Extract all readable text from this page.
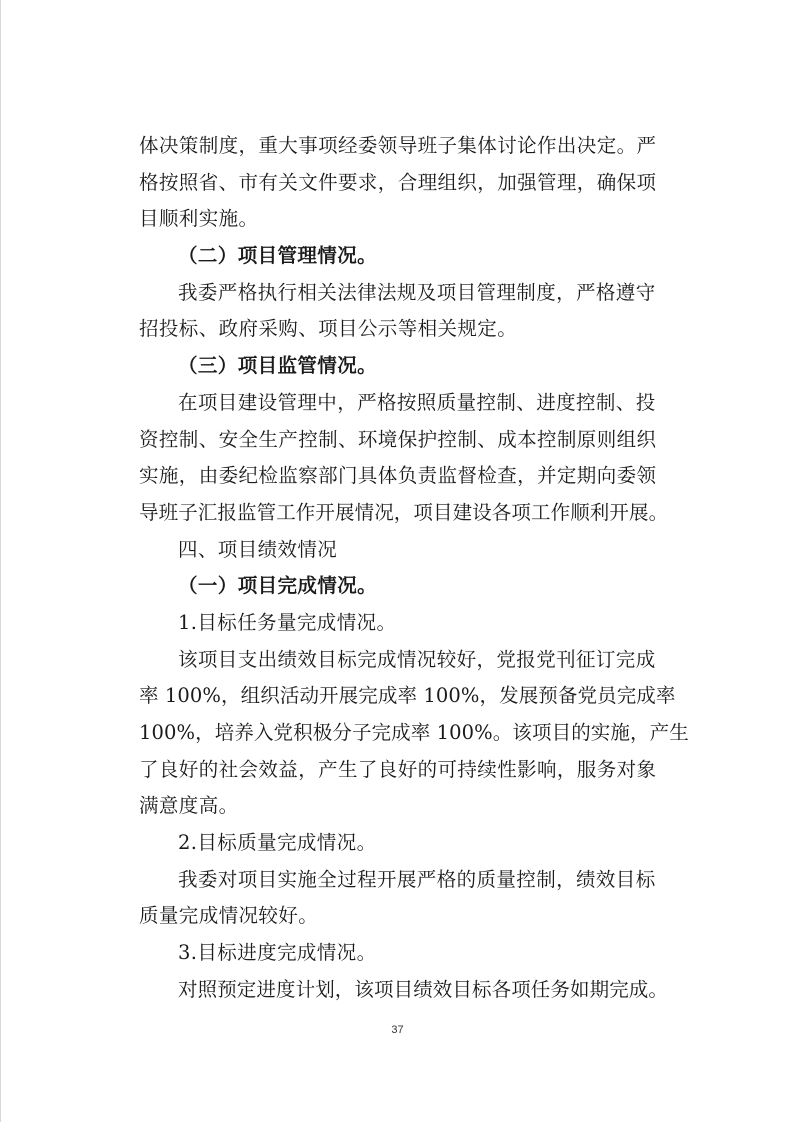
体决策制度，重大事项经委领导班子集体讨论作出决定。严
格按照省、市有关文件要求，合理组织，加强管理，确保项
目顺利实施。
（二）项目管理情况。
我委严格执行相关法律法规及项目管理制度，严格遵守
招投标、政府采购、项目公示等相关规定。
（三）项目监管情况。
在项目建设管理中，严格按照质量控制、进度控制、投
资控制、安全生产控制、环境保护控制、成本控制原则组织
实施，由委纪检监察部门具体负责监督检查，并定期向委领
导班子汇报监管工作开展情况，项目建设各项工作顺利开展。
四、项目绩效情况
（一）项目完成情况。
1.目标任务量完成情况。
该项目支出绩效目标完成情况较好，党报党刊征订完成
率 100%，组织活动开展完成率 100%，发展预备党员完成率
100%，培养入党积极分子完成率 100%。该项目的实施，产生
了良好的社会效益，产生了良好的可持续性影响，服务对象
满意度高。
2.目标质量完成情况。
我委对项目实施全过程开展严格的质量控制，绩效目标
质量完成情况较好。
3.目标进度完成情况。
对照预定进度计划，该项目绩效目标各项任务如期完成。
37
